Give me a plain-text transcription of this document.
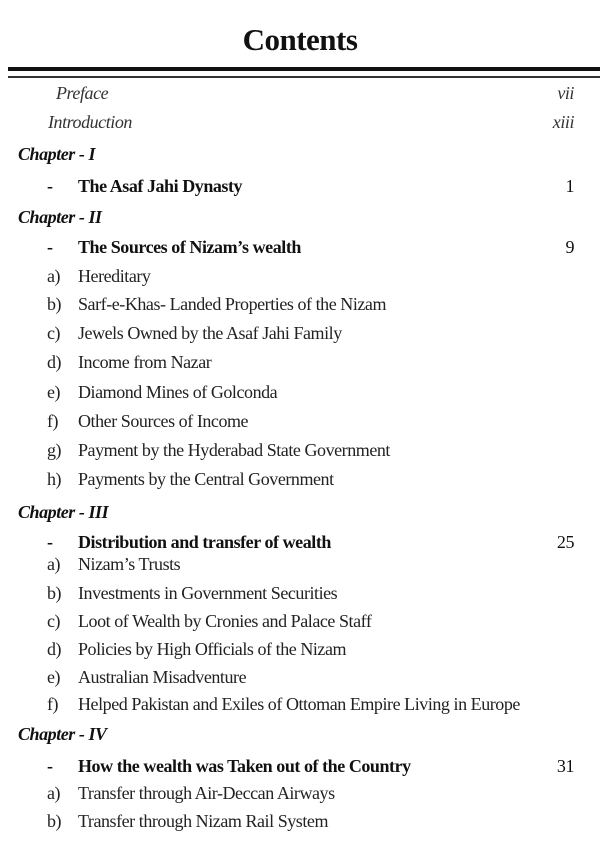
Contents
Preface	vii
Introduction	xiii
Chapter - I
- The Asaf Jahi Dynasty	1
Chapter - II
- The Sources of Nizam’s wealth	9
a) Hereditary
b) Sarf-e-Khas- Landed Properties of the Nizam
c) Jewels Owned by the Asaf Jahi Family
d) Income from Nazar
e) Diamond Mines of Golconda
f) Other Sources of Income
g) Payment by the Hyderabad State Government
h) Payments by the Central Government
Chapter - III
- Distribution and transfer of wealth	25
a) Nizam’s Trusts
b) Investments in Government Securities
c) Loot of Wealth by Cronies and Palace Staff
d) Policies by High Officials of the Nizam
e) Australian Misadventure
f) Helped Pakistan and Exiles of Ottoman Empire Living in Europe
Chapter - IV
- How the wealth was Taken out of the Country	31
a) Transfer through Air-Deccan Airways
b) Transfer through Nizam Rail System
